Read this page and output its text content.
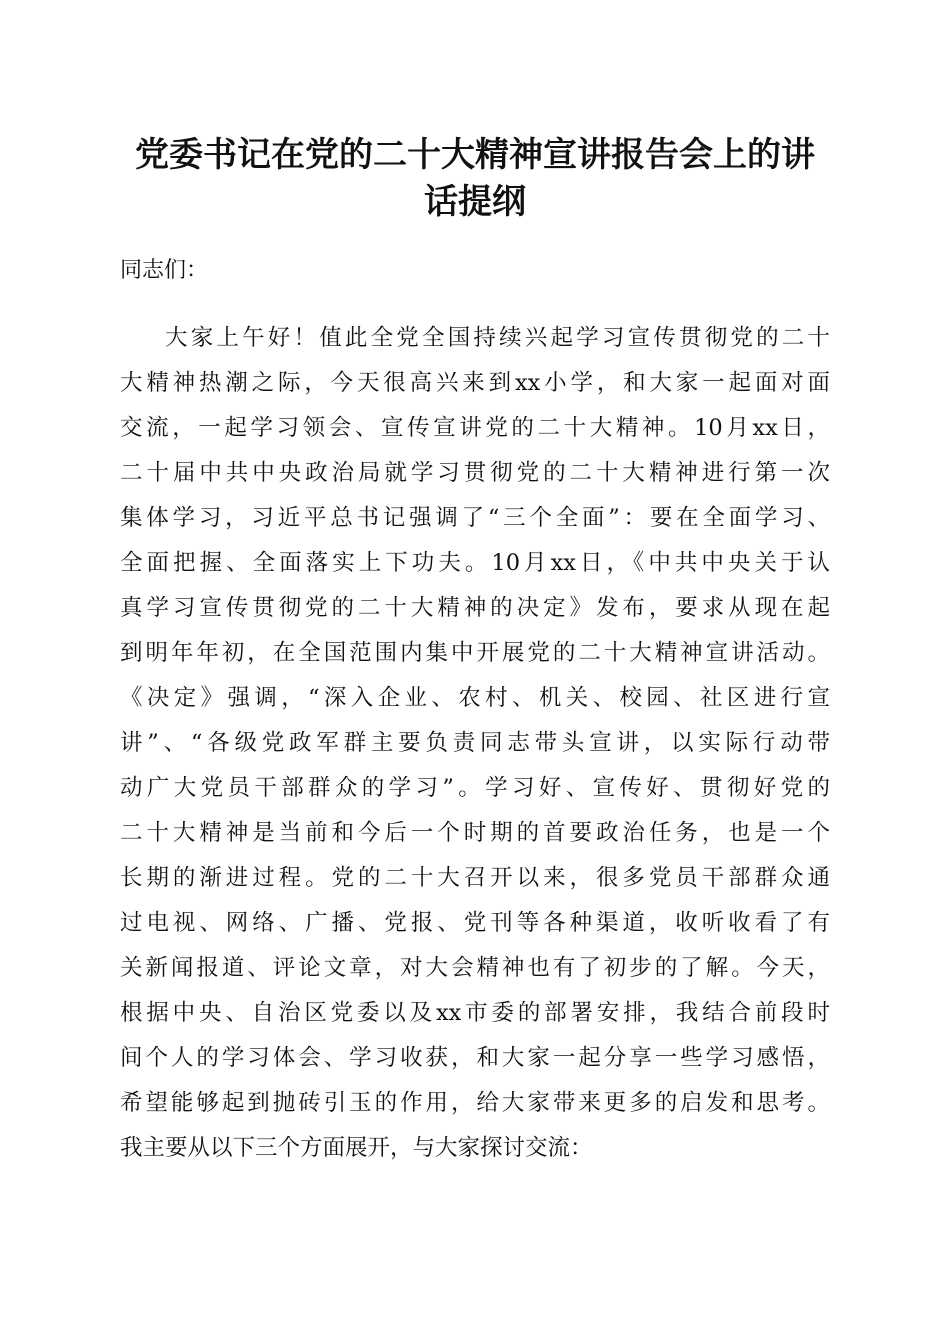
党委书记在党的二十大精神宣讲报告会上的讲
话提纲
同志们：
大家上午好！值此全党全国持续兴起学习宣传贯彻党的二十
大精神热潮之际，今天很高兴来到xx小学，和大家一起面对面
交流，一起学习领会、宣传宣讲党的二十大精神。10月xx日，
二十届中共中央政治局就学习贯彻党的二十大精神进行第一次
集体学习，习近平总书记强调了“三个全面”：要在全面学习、
全面把握、全面落实上下功夫。10月xx日，《中共中央关于认
真学习宣传贯彻党的二十大精神的决定》发布，要求从现在起
到明年年初，在全国范围内集中开展党的二十大精神宣讲活动。
《决定》强调，“深入企业、农村、机关、校园、社区进行宣
讲”、“各级党政军群主要负责同志带头宣讲，以实际行动带
动广大党员干部群众的学习”。学习好、宣传好、贯彻好党的
二十大精神是当前和今后一个时期的首要政治任务，也是一个
长期的渐进过程。党的二十大召开以来，很多党员干部群众通
过电视、网络、广播、党报、党刊等各种渠道，收听收看了有
关新闻报道、评论文章，对大会精神也有了初步的了解。今天，
根据中央、自治区党委以及xx市委的部署安排，我结合前段时
间个人的学习体会、学习收获，和大家一起分享一些学习感悟，
希望能够起到抛砖引玉的作用，给大家带来更多的启发和思考。
我主要从以下三个方面展开，与大家探讨交流：
